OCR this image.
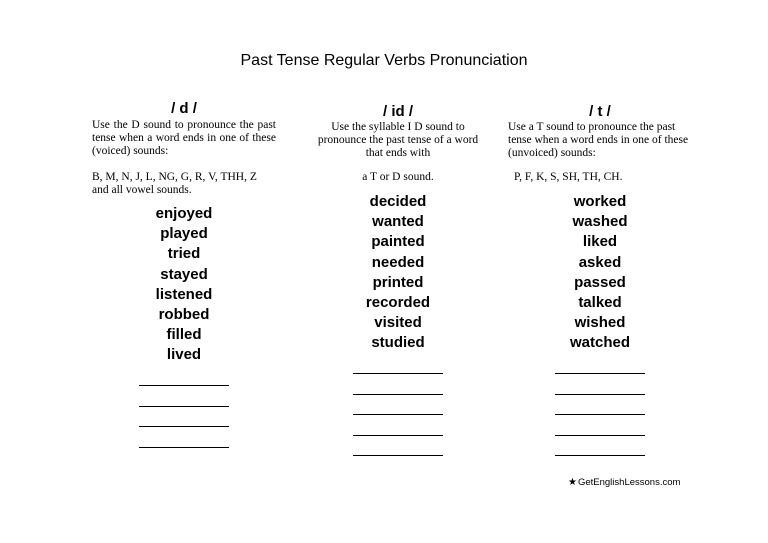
Past Tense Regular Verbs Pronunciation
/ d /

Use the D sound to pronounce the past tense when a word ends in one of these (voiced) sounds:

B, M, N, J, L, NG, G, R, V, THH, Z and all vowel sounds.

enjoyed
played
tried
stayed
listened
robbed
filled
lived
/ id /

Use the syllable I D sound to pronounce the past tense of a word that ends with

a T or D sound.

decided
wanted
painted
needed
printed
recorded
visited
studied
/ t /

Use a T sound to pronounce the past tense when a word ends in one of these (unvoiced) sounds:

P, F, K, S, SH, TH, CH.

worked
washed
liked
asked
passed
talked
wished
watched
★GetEnglishLessons.com
